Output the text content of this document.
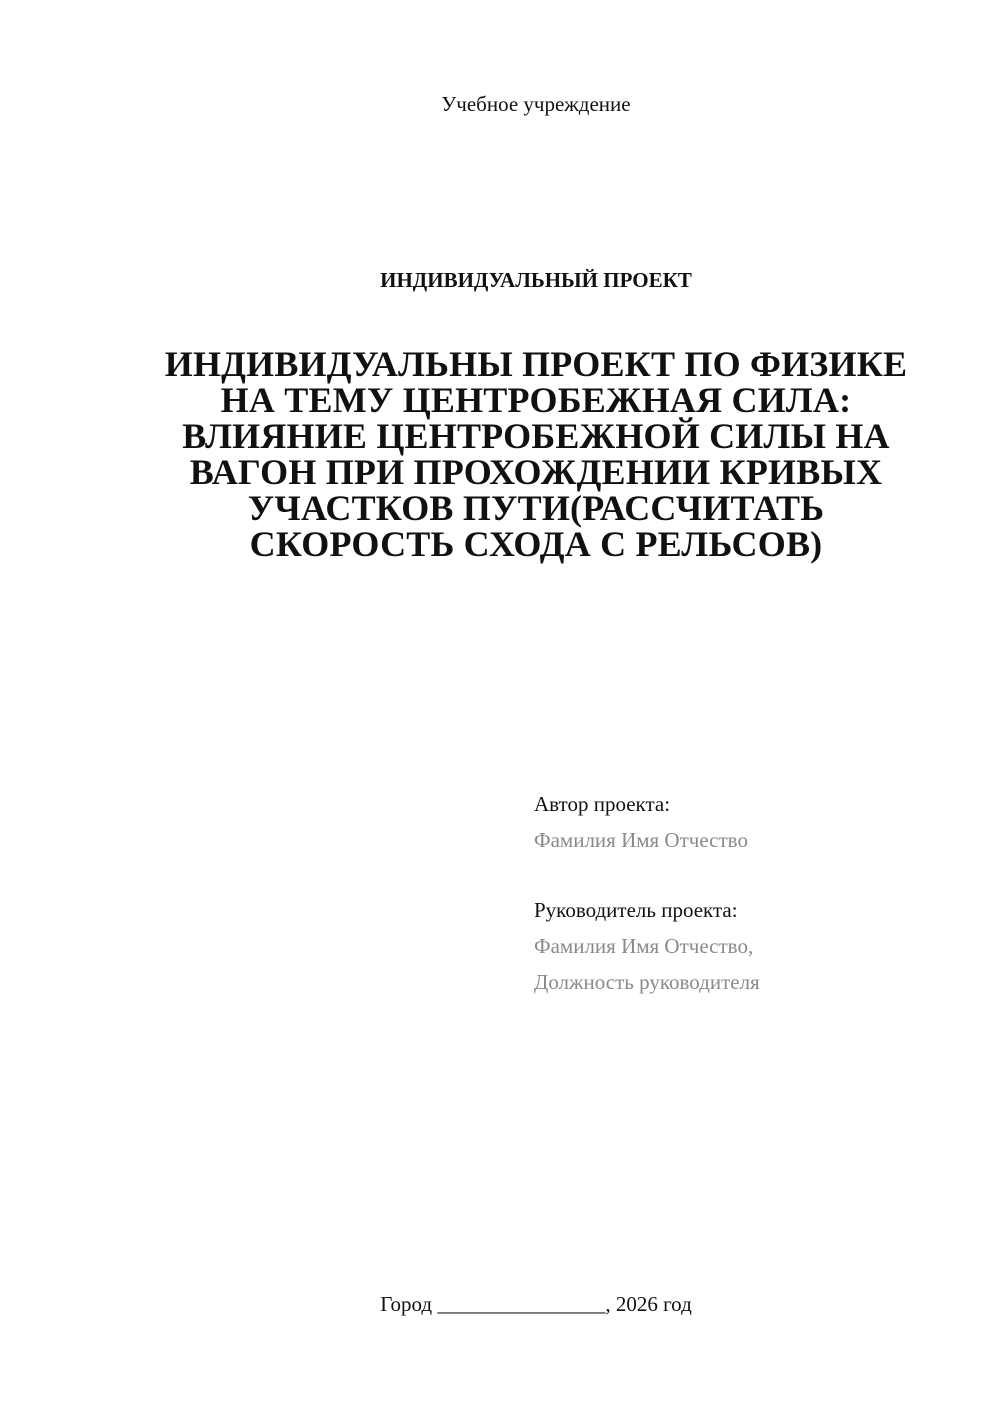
Учебное учреждение
ИНДИВИДУАЛЬНЫЙ ПРОЕКТ
ИНДИВИДУАЛЬНЫ ПРОЕКТ ПО ФИЗИКЕ НА ТЕМУ ЦЕНТРОБЕЖНАЯ СИЛА: ВЛИЯНИЕ ЦЕНТРОБЕЖНОЙ СИЛЫ НА ВАГОН ПРИ ПРОХОЖДЕНИИ КРИВЫХ УЧАСТКОВ ПУТИ(РАССЧИТАТЬ СКОРОСТЬ СХОДА С РЕЛЬСОВ)
Автор проекта:
Фамилия Имя Отчество
Руководитель проекта:
Фамилия Имя Отчество,
Должность руководителя
Город ________________, 2026 год
